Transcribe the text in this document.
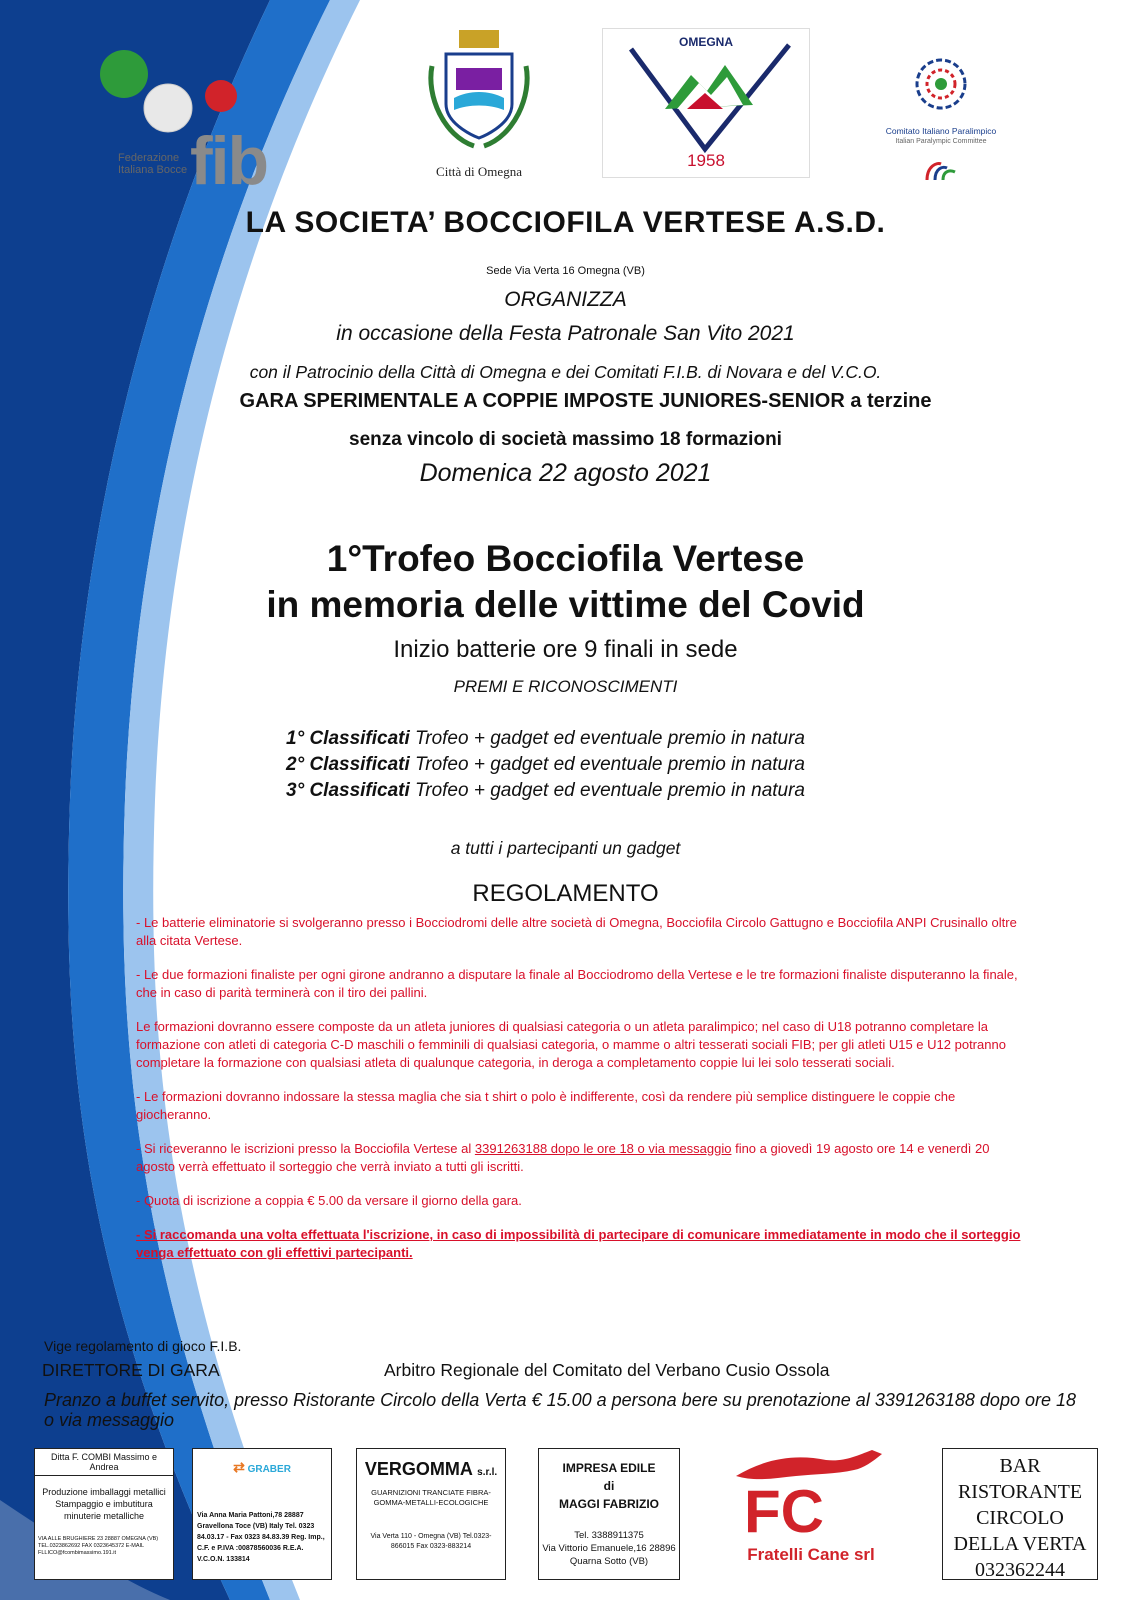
fib
Federazione Italiana Bocce	Città di Omegna
OMEGNA
1958
Comitato Italiano Paralimpico
Italian Paralympic Committee
LA SOCIETA’ BOCCIOFILA VERTESE A.S.D.
Sede Via Verta 16 Omegna (VB)
ORGANIZZA
in occasione della Festa Patronale San Vito 2021
con il Patrocinio della Città di Omegna e dei Comitati F.I.B. di Novara e del V.C.O.
GARA SPERIMENTALE A COPPIE IMPOSTE JUNIORES-SENIOR a terzine
senza vincolo di società massimo 18 formazioni
Domenica 22 agosto 2021
1°Trofeo Bocciofila Vertese
in memoria delle vittime del Covid
Inizio batterie ore 9 finali in sede
PREMI E RICONOSCIMENTI
1° Classificati Trofeo + gadget ed eventuale premio in natura
2° Classificati Trofeo + gadget ed eventuale premio in natura
3° Classificati Trofeo + gadget ed eventuale premio in natura
a tutti i partecipanti un gadget
REGOLAMENTO

- Le batterie eliminatorie si svolgeranno presso i Bocciodromi delle altre società di Omegna, Bocciofila Circolo Gattugno e Bocciofila ANPI Crusinallo oltre alla citata Vertese.

- Le due formazioni finaliste per ogni girone andranno a disputare la finale al Bocciodromo della Vertese e le tre formazioni finaliste disputeranno la finale, che in caso di parità terminerà con il tiro dei pallini.

Le formazioni dovranno essere composte da un atleta juniores di qualsiasi categoria o un atleta paralimpico; nel caso di U18 potranno completare la formazione con atleti di categoria C-D maschili o femminili di qualsiasi categoria, o mamme o altri tesserati sociali FIB; per gli atleti U15 e U12 potranno completare la formazione con qualsiasi atleta di qualunque categoria, in deroga a completamento coppie lui lei solo tesserati sociali.

- Le formazioni dovranno indossare la stessa maglia che sia t shirt o polo è indifferente, così da rendere più semplice distinguere le coppie che giocheranno.

- Si riceveranno le iscrizioni presso la Bocciofila Vertese al 3391263188 dopo le ore 18 o via messaggio fino a giovedì 19 agosto ore 14 e venerdì 20 agosto verrà effettuato il sorteggio che verrà inviato a tutti gli iscritti.

- Quota di iscrizione a coppia € 5.00 da versare il giorno della gara.

- Si raccomanda una volta effettuata l'iscrizione, in caso di impossibilità di partecipare di comunicare immediatamente in modo che il sorteggio venga effettuato con gli effettivi partecipanti.

Vige regolamento di gioco F.I.B.
DIRETTORE DI GARA	Arbitro Regionale del Comitato del Verbano Cusio Ossola
Pranzo a buffet servito, presso Ristorante Circolo della Verta € 15.00 a persona bere su prenotazione al 3391263188 dopo ore 18 o via messaggio
Ditta F. COMBI Massimo e Andrea
Produzione imballaggi metallici Stampaggio e imbutitura minuterie metalliche
VIA ALLE BRUGHIERE 23 28887 OMEGNA (VB) TEL.0323862692 FAX 0323645372 E-MAIL FLLICO@fcombimassimo.191.it
⇄ GRABER
Via Anna Maria Pattoni,78 28887 Gravellona Toce (VB) Italy Tel. 0323 84.03.17 - Fax 0323 84.83.39 Reg. Imp., C.F. e P.IVA :00878560036 R.E.A. V.C.O.N. 133814
VERGOMMA s.r.l.
GUARNIZIONI TRANCIATE FIBRA-GOMMA-METALLI-ECOLOGICHE
Via Verta 110 - Omegna (VB) Tel.0323-866015 Fax 0323-883214
IMPRESA EDILE
di
MAGGI FABRIZIO
Tel. 3388911375
Via Vittorio Emanuele,16 28896 Quarna Sotto (VB)
FC
Fratelli Cane srl
BAR
RISTORANTE
CIRCOLO
DELLA VERTA
032362244
